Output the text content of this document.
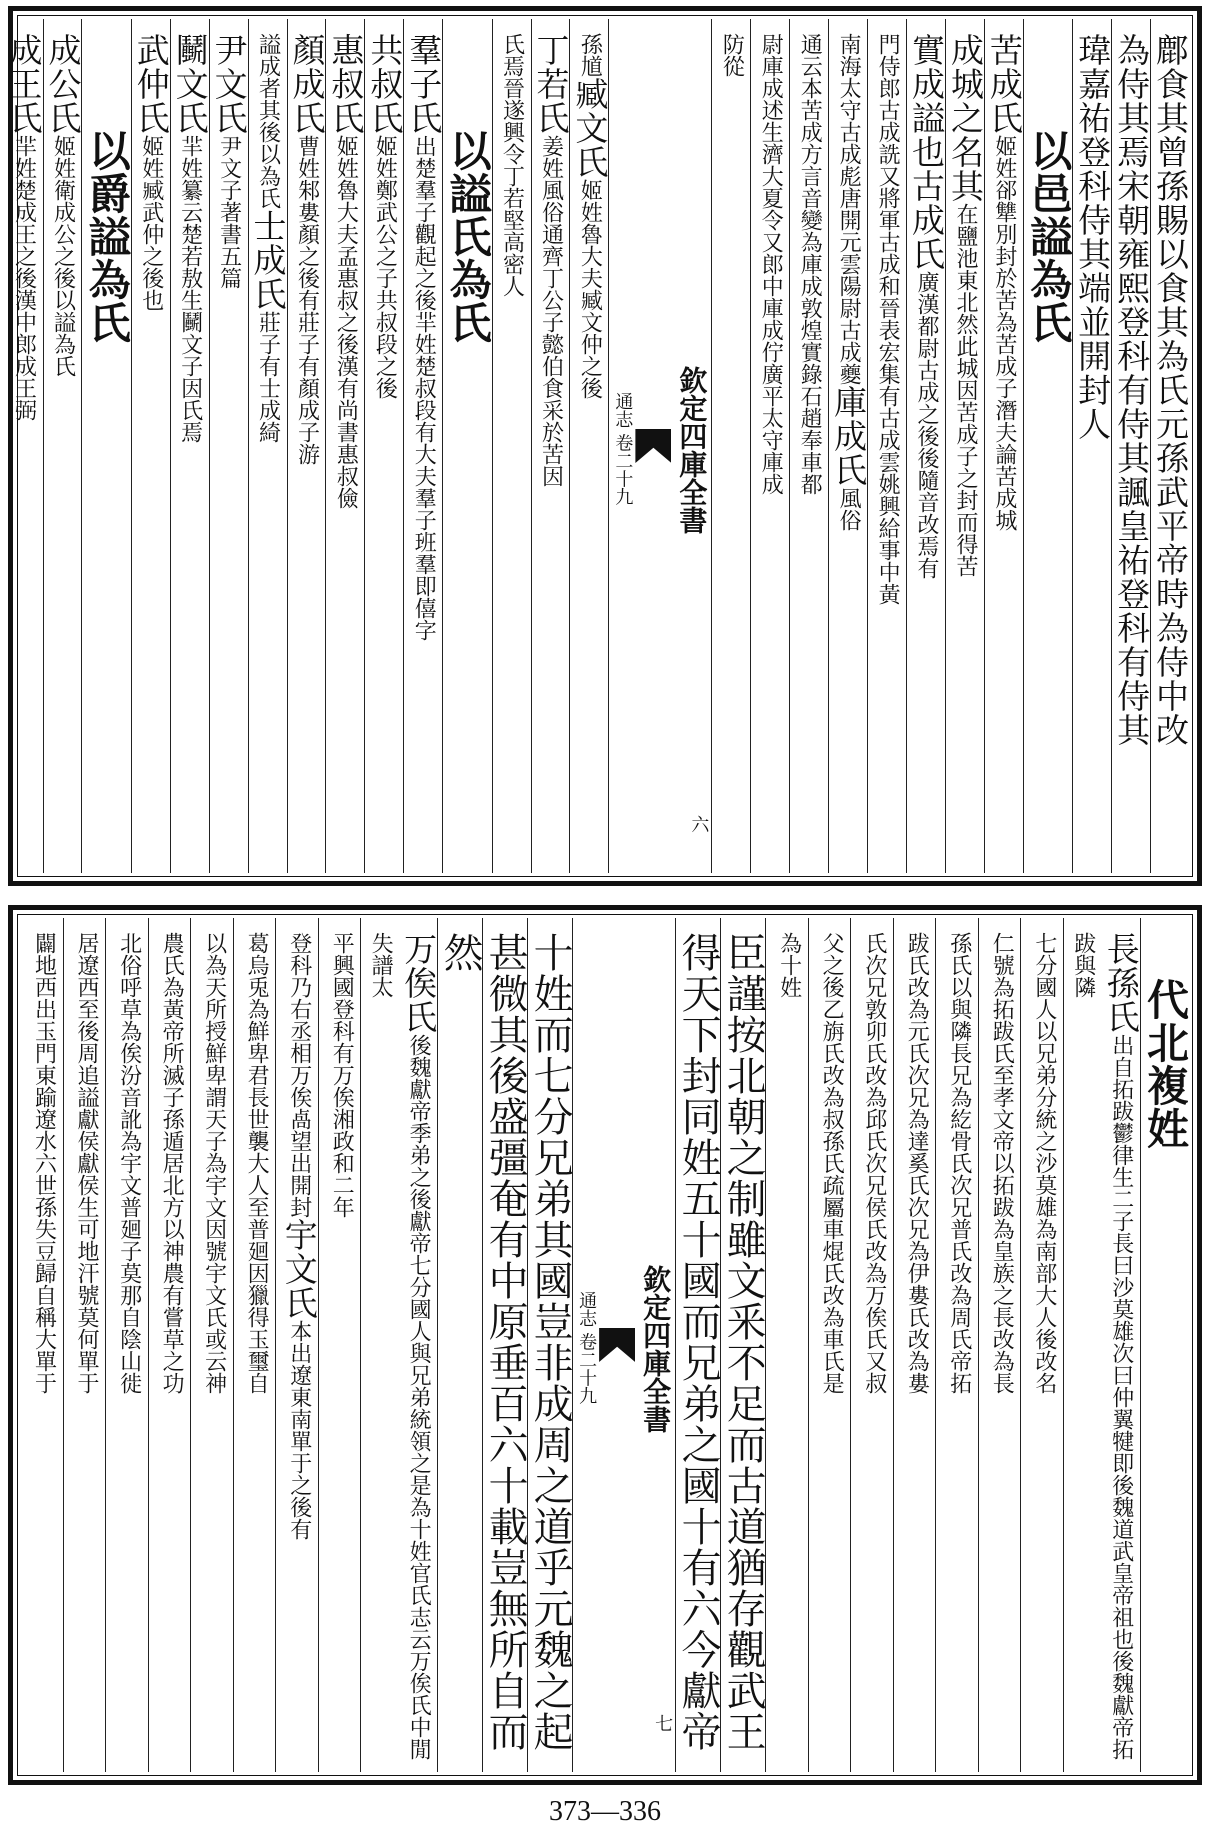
鄜食其曾孫賜以食其為氏元孫武平帝時為侍中改
為侍其焉宋朝雍熙登科有侍其諷皇祐登科有侍其
瑋嘉祐登科侍其端並開封人
以邑謚為氏
苦成氏姬姓郤犨別封於苦為苦成子潛夫論苦成城
成城之名其在鹽池東北然此城因苦成子之封而得苦
實成謚也古成氏廣漢都尉古成之後後隨音改焉有
門侍郎古成詵又將軍古成和晉表宏集有古成雲姚興給事中黃
南海太守古成彪唐開元雲陽尉古成夔庫成氏風俗
通云本苦成方言音變為庫成敦煌實錄石趙奉車都
尉庫成述生濟大夏令又郎中庫成佇廣平太守庫成
防從
欽定四庫全書
通志 卷二十九
六
孫馗臧文氏姬姓魯大夫臧文仲之後
丁若氏姜姓風俗通齊丁公子懿伯食采於苦因
氏焉晉遂興令丁若堅高密人
以謚氏為氏
羣子氏出楚羣子觀起之後羋姓楚叔段有大夫羣子班羣即僖字
共叔氏姬姓鄭武公之子共叔段之後
惠叔氏姬姓魯大夫孟惠叔之後漢有尚書惠叔儉
顏成氏曹姓邾婁顏之後有莊子有顏成子游
謚成者其後以為氏士成氏莊子有士成綺
尹文氏尹文子著書五篇
鬭文氏羋姓纂云楚若敖生鬭文子因氏焉
武仲氏姬姓臧武仲之後也
以爵謚為氏
成公氏姬姓衛成公之後以謚為氏
成王氏羋姓楚成王之後漢中郎成王弼
代北複姓
長孫氏出自拓跋鬱律生二子長曰沙莫雄次曰仲翼犍即後魏道武皇帝祖也後魏獻帝拓跋與隣
七分國人以兄弟分統之沙莫雄為南部大人後改名
仁號為拓跋氏至孝文帝以拓跋為皇族之長改為長
孫氏以與隣長兄為紇骨氏次兄普氏改為周氏帝拓
跋氏改為元氏次兄為達奚氏次兄為伊婁氏改為婁
氏次兄敦卯氏改為邱氏次兄侯氏改為万俟氏又叔
父之後乙旃氏改為叔孫氏疏屬車焜氏改為車氏是
為十姓
臣謹按北朝之制雖文釆不足而古道猶存觀武王
得天下封同姓五十國而兄弟之國十有六今獻帝
欽定四庫全書
通志 卷二十九
七
十姓而七分兄弟其國豈非成周之道乎元魏之起
甚微其後盛彊奄有中原垂百六十載豈無所自而
然
万俟氏後魏獻帝季弟之後獻帝七分國人與兄弟統領之是為十姓官氏志云万俟氏中閒失譜太
平興國登科有万俟湘政和二年
登科乃右丞相万俟卨望出開封宇文氏本出遼東南單于之後有
葛烏兎為鮮卑君長世襲大人至普廻因獵得玉璽自
以為天所授鮮卑謂天子為宇文因號宇文氏或云神
農氏為黃帝所滅子孫遁居北方以神農有嘗草之功
北俗呼草為俟汾音訛為宇文普廻子莫那自陰山徙
居遼西至後周追謚獻侯獻侯生可地汗號莫何單于
闢地西出玉門東踰遼水六世孫失豆歸自稱大單于
373—336
